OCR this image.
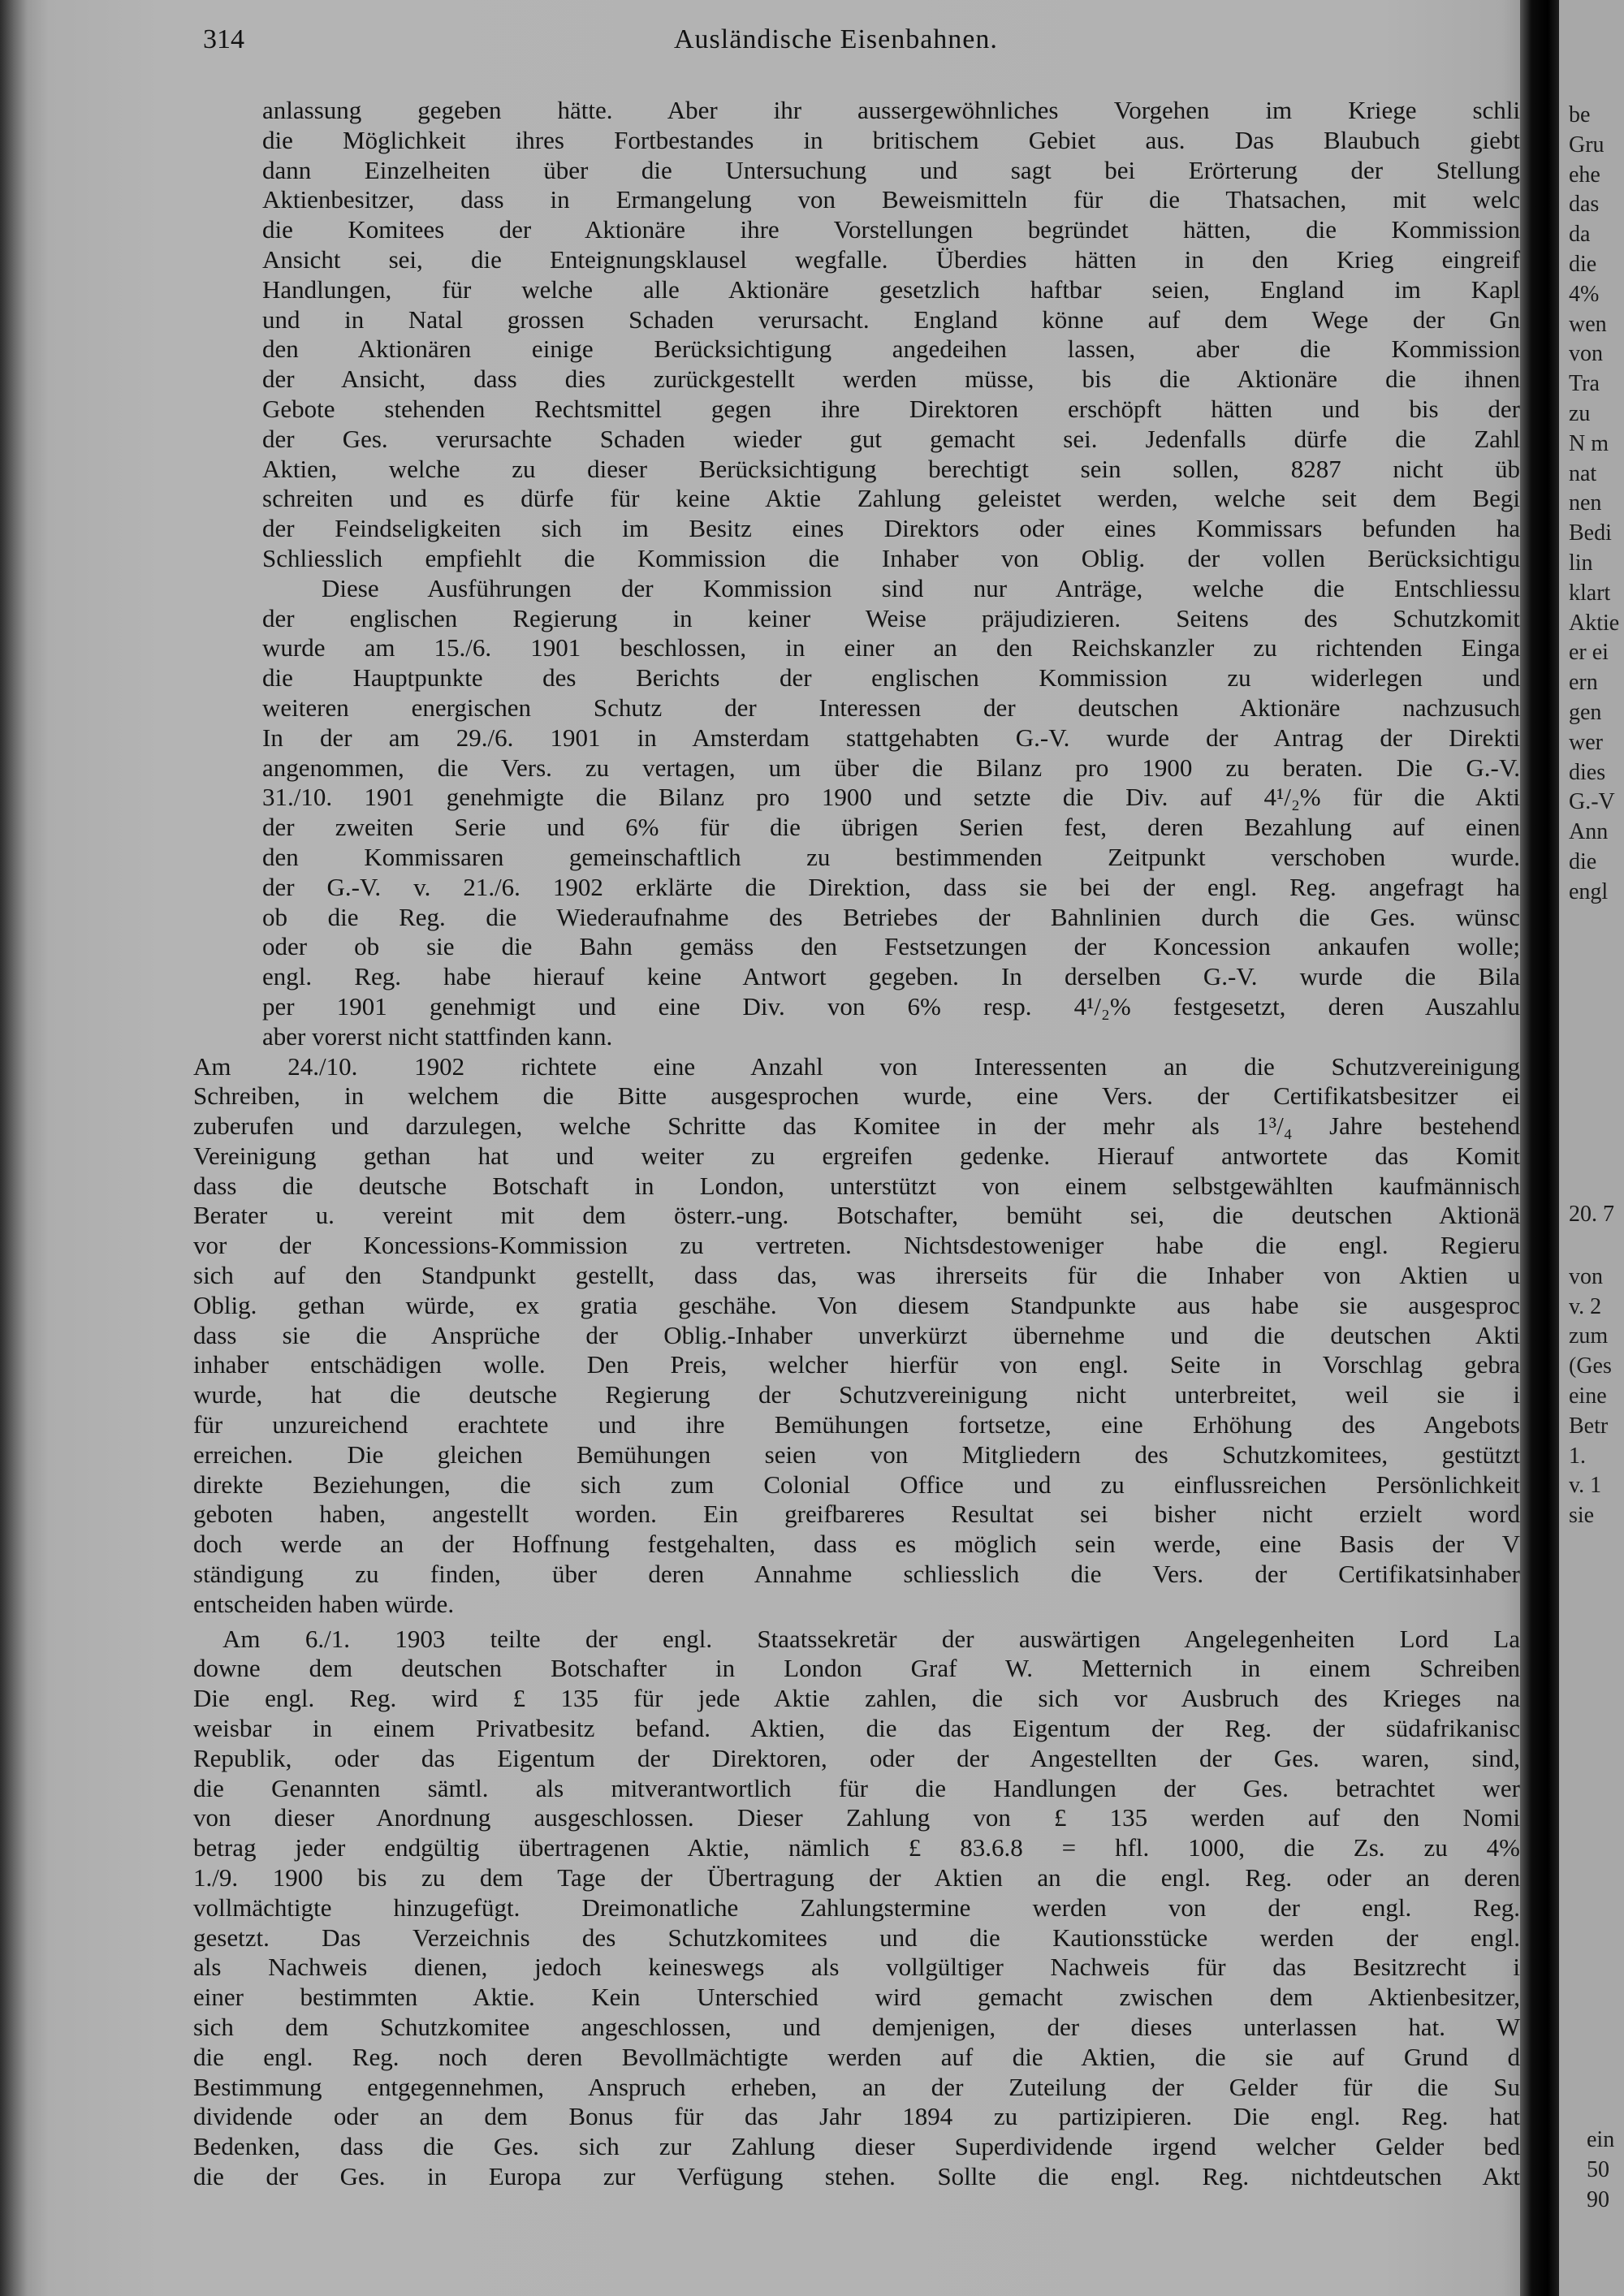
314	Ausländische Eisenbahnen.
anlassung gegeben hätte. Aber ihr aussergewöhnliches Vorgehen im Kriege schli
die Möglichkeit ihres Fortbestandes in britischem Gebiet aus. Das Blaubuch giebt
dann Einzelheiten über die Untersuchung und sagt bei Erörterung der Stellung
Aktienbesitzer, dass in Ermangelung von Beweismitteln für die Thatsachen, mit welc
die Komitees der Aktionäre ihre Vorstellungen begründet hätten, die Kommission
Ansicht sei, die Enteignungsklausel wegfalle. Überdies hätten in den Krieg eingreif
Handlungen, für welche alle Aktionäre gesetzlich haftbar seien, England im Kapl
und in Natal grossen Schaden verursacht. England könne auf dem Wege der Gn
den Aktionären einige Berücksichtigung angedeihen lassen, aber die Kommission
der Ansicht, dass dies zurückgestellt werden müsse, bis die Aktionäre die ihnen
Gebote stehenden Rechtsmittel gegen ihre Direktoren erschöpft hätten und bis der
der Ges. verursachte Schaden wieder gut gemacht sei. Jedenfalls dürfe die Zahl
Aktien, welche zu dieser Berücksichtigung berechtigt sein sollen, 8287 nicht üb
schreiten und es dürfe für keine Aktie Zahlung geleistet werden, welche seit dem Begi
der Feindseligkeiten sich im Besitz eines Direktors oder eines Kommissars befunden ha
Schliesslich empfiehlt die Kommission die Inhaber von Oblig. der vollen Berücksichtigu
Diese Ausführungen der Kommission sind nur Anträge, welche die Entschliessu
der englischen Regierung in keiner Weise präjudizieren. Seitens des Schutzkomit
wurde am 15./6. 1901 beschlossen, in einer an den Reichskanzler zu richtenden Einga
die Hauptpunkte des Berichts der englischen Kommission zu widerlegen und
weiteren energischen Schutz der Interessen der deutschen Aktionäre nachzusuch
In der am 29./6. 1901 in Amsterdam stattgehabten G.-V. wurde der Antrag der Direkti
angenommen, die Vers. zu vertagen, um über die Bilanz pro 1900 zu beraten. Die G.-V.
31./10. 1901 genehmigte die Bilanz pro 1900 und setzte die Div. auf 4¹/₂% für die Akti
der zweiten Serie und 6% für die übrigen Serien fest, deren Bezahlung auf einen
den Kommissaren gemeinschaftlich zu bestimmenden Zeitpunkt verschoben wurde.
der G.-V. v. 21./6. 1902 erklärte die Direktion, dass sie bei der engl. Reg. angefragt ha
ob die Reg. die Wiederaufnahme des Betriebes der Bahnlinien durch die Ges. wünsc
oder ob sie die Bahn gemäss den Festsetzungen der Koncession ankaufen wolle;
engl. Reg. habe hierauf keine Antwort gegeben. In derselben G.-V. wurde die Bila
per 1901 genehmigt und eine Div. von 6% resp. 4¹/₂% festgesetzt, deren Auszahlu
aber vorerst nicht stattfinden kann.
Am 24./10. 1902 richtete eine Anzahl von Interessenten an die Schutzvereinigung
Schreiben, in welchem die Bitte ausgesprochen wurde, eine Vers. der Certifikatsbesitzer ei
zuberufen und darzulegen, welche Schritte das Komitee in der mehr als 1³/₄ Jahre bestehend
Vereinigung gethan hat und weiter zu ergreifen gedenke. Hierauf antwortete das Komit
dass die deutsche Botschaft in London, unterstützt von einem selbstgewählten kaufmännisch
Berater u. vereint mit dem österr.-ung. Botschafter, bemüht sei, die deutschen Aktionä
vor der Koncessions-Kommission zu vertreten. Nichtsdestoweniger habe die engl. Regieru
sich auf den Standpunkt gestellt, dass das, was ihrerseits für die Inhaber von Aktien u
Oblig. gethan würde, ex gratia geschähe. Von diesem Standpunkte aus habe sie ausgesproc
dass sie die Ansprüche der Oblig.-Inhaber unverkürzt übernehme und die deutschen Akti
inhaber entschädigen wolle. Den Preis, welcher hierfür von engl. Seite in Vorschlag gebra
wurde, hat die deutsche Regierung der Schutzvereinigung nicht unterbreitet, weil sie i
für unzureichend erachtete und ihre Bemühungen fortsetze, eine Erhöhung des Angebots
erreichen. Die gleichen Bemühungen seien von Mitgliedern des Schutzkomitees, gestützt
direkte Beziehungen, die sich zum Colonial Office und zu einflussreichen Persönlichkeit
geboten haben, angestellt worden. Ein greifbareres Resultat sei bisher nicht erzielt word
doch werde an der Hoffnung festgehalten, dass es möglich sein werde, eine Basis der V
ständigung zu finden, über deren Annahme schliesslich die Vers. der Certifikatsinhaber
entscheiden haben würde.
Am 6./1. 1903 teilte der engl. Staatssekretär der auswärtigen Angelegenheiten Lord La
downe dem deutschen Botschafter in London Graf W. Metternich in einem Schreiben
Die engl. Reg. wird £ 135 für jede Aktie zahlen, die sich vor Ausbruch des Krieges na
weisbar in einem Privatbesitz befand. Aktien, die das Eigentum der Reg. der südafrikanisc
Republik, oder das Eigentum der Direktoren, oder der Angestellten der Ges. waren, sind,
die Genannten sämtl. als mitverantwortlich für die Handlungen der Ges. betrachtet wer
von dieser Anordnung ausgeschlossen. Dieser Zahlung von £ 135 werden auf den Nomi
betrag jeder endgültig übertragenen Aktie, nämlich £ 83.6.8 = hfl. 1000, die Zs. zu 4%
1./9. 1900 bis zu dem Tage der Übertragung der Aktien an die engl. Reg. oder an deren
vollmächtigte hinzugefügt. Dreimonatliche Zahlungstermine werden von der engl. Reg.
gesetzt. Das Verzeichnis des Schutzkomitees und die Kautionsstücke werden der engl.
als Nachweis dienen, jedoch keineswegs als vollgültiger Nachweis für das Besitzrecht i
einer bestimmten Aktie. Kein Unterschied wird gemacht zwischen dem Aktienbesitzer,
sich dem Schutzkomitee angeschlossen, und demjenigen, der dieses unterlassen hat. W
die engl. Reg. noch deren Bevollmächtigte werden auf die Aktien, die sie auf Grund d
Bestimmung entgegennehmen, Anspruch erheben, an der Zuteilung der Gelder für die Su
dividende oder an dem Bonus für das Jahr 1894 zu partizipieren. Die engl. Reg. hat
Bedenken, dass die Ges. sich zur Zahlung dieser Superdividende irgend welcher Gelder bed
die der Ges. in Europa zur Verfügung stehen. Sollte die engl. Reg. nichtdeutschen Akt
be
Gru
ehe
das
da
die
4%
wen
von
Tra
zu
N m
nat
nen
Bedi
lin
klart
Aktie
er ei
ern
gen
wer
dies
G.-V
Ann
die
engl
20. 7
von
v. 2
zum
(Ges
eine
Betr
1.
v. 1
sie
ein
50
90
